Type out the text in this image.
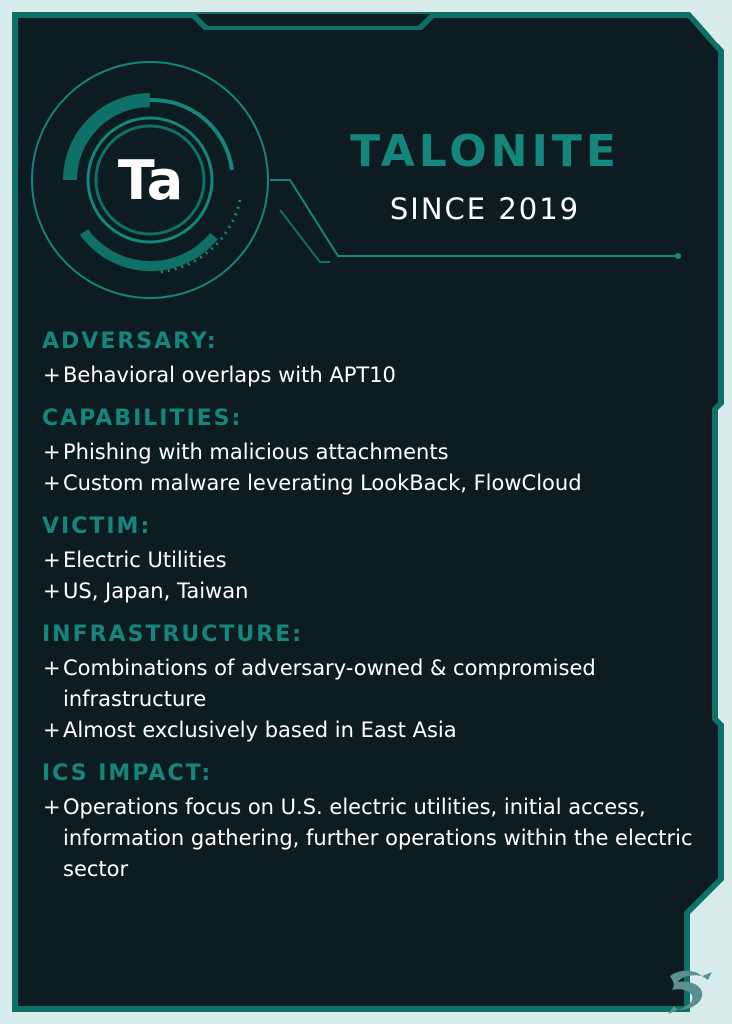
Ta	TALONITE
SINCE 2019
ADVERSARY:
+ Behavioral overlaps with APT10
CAPABILITIES:
+ Phishing with malicious attachments
+ Custom malware leverating LookBack, FlowCloud
VICTIM:
+ Electric Utilities
+ US, Japan, Taiwan
INFRASTRUCTURE:
+ Combinations of adversary-owned & compromised infrastructure
+ Almost exclusively based in East Asia
ICS IMPACT:
+ Operations focus on U.S. electric utilities, initial access, information gathering, further operations within the electric sector
